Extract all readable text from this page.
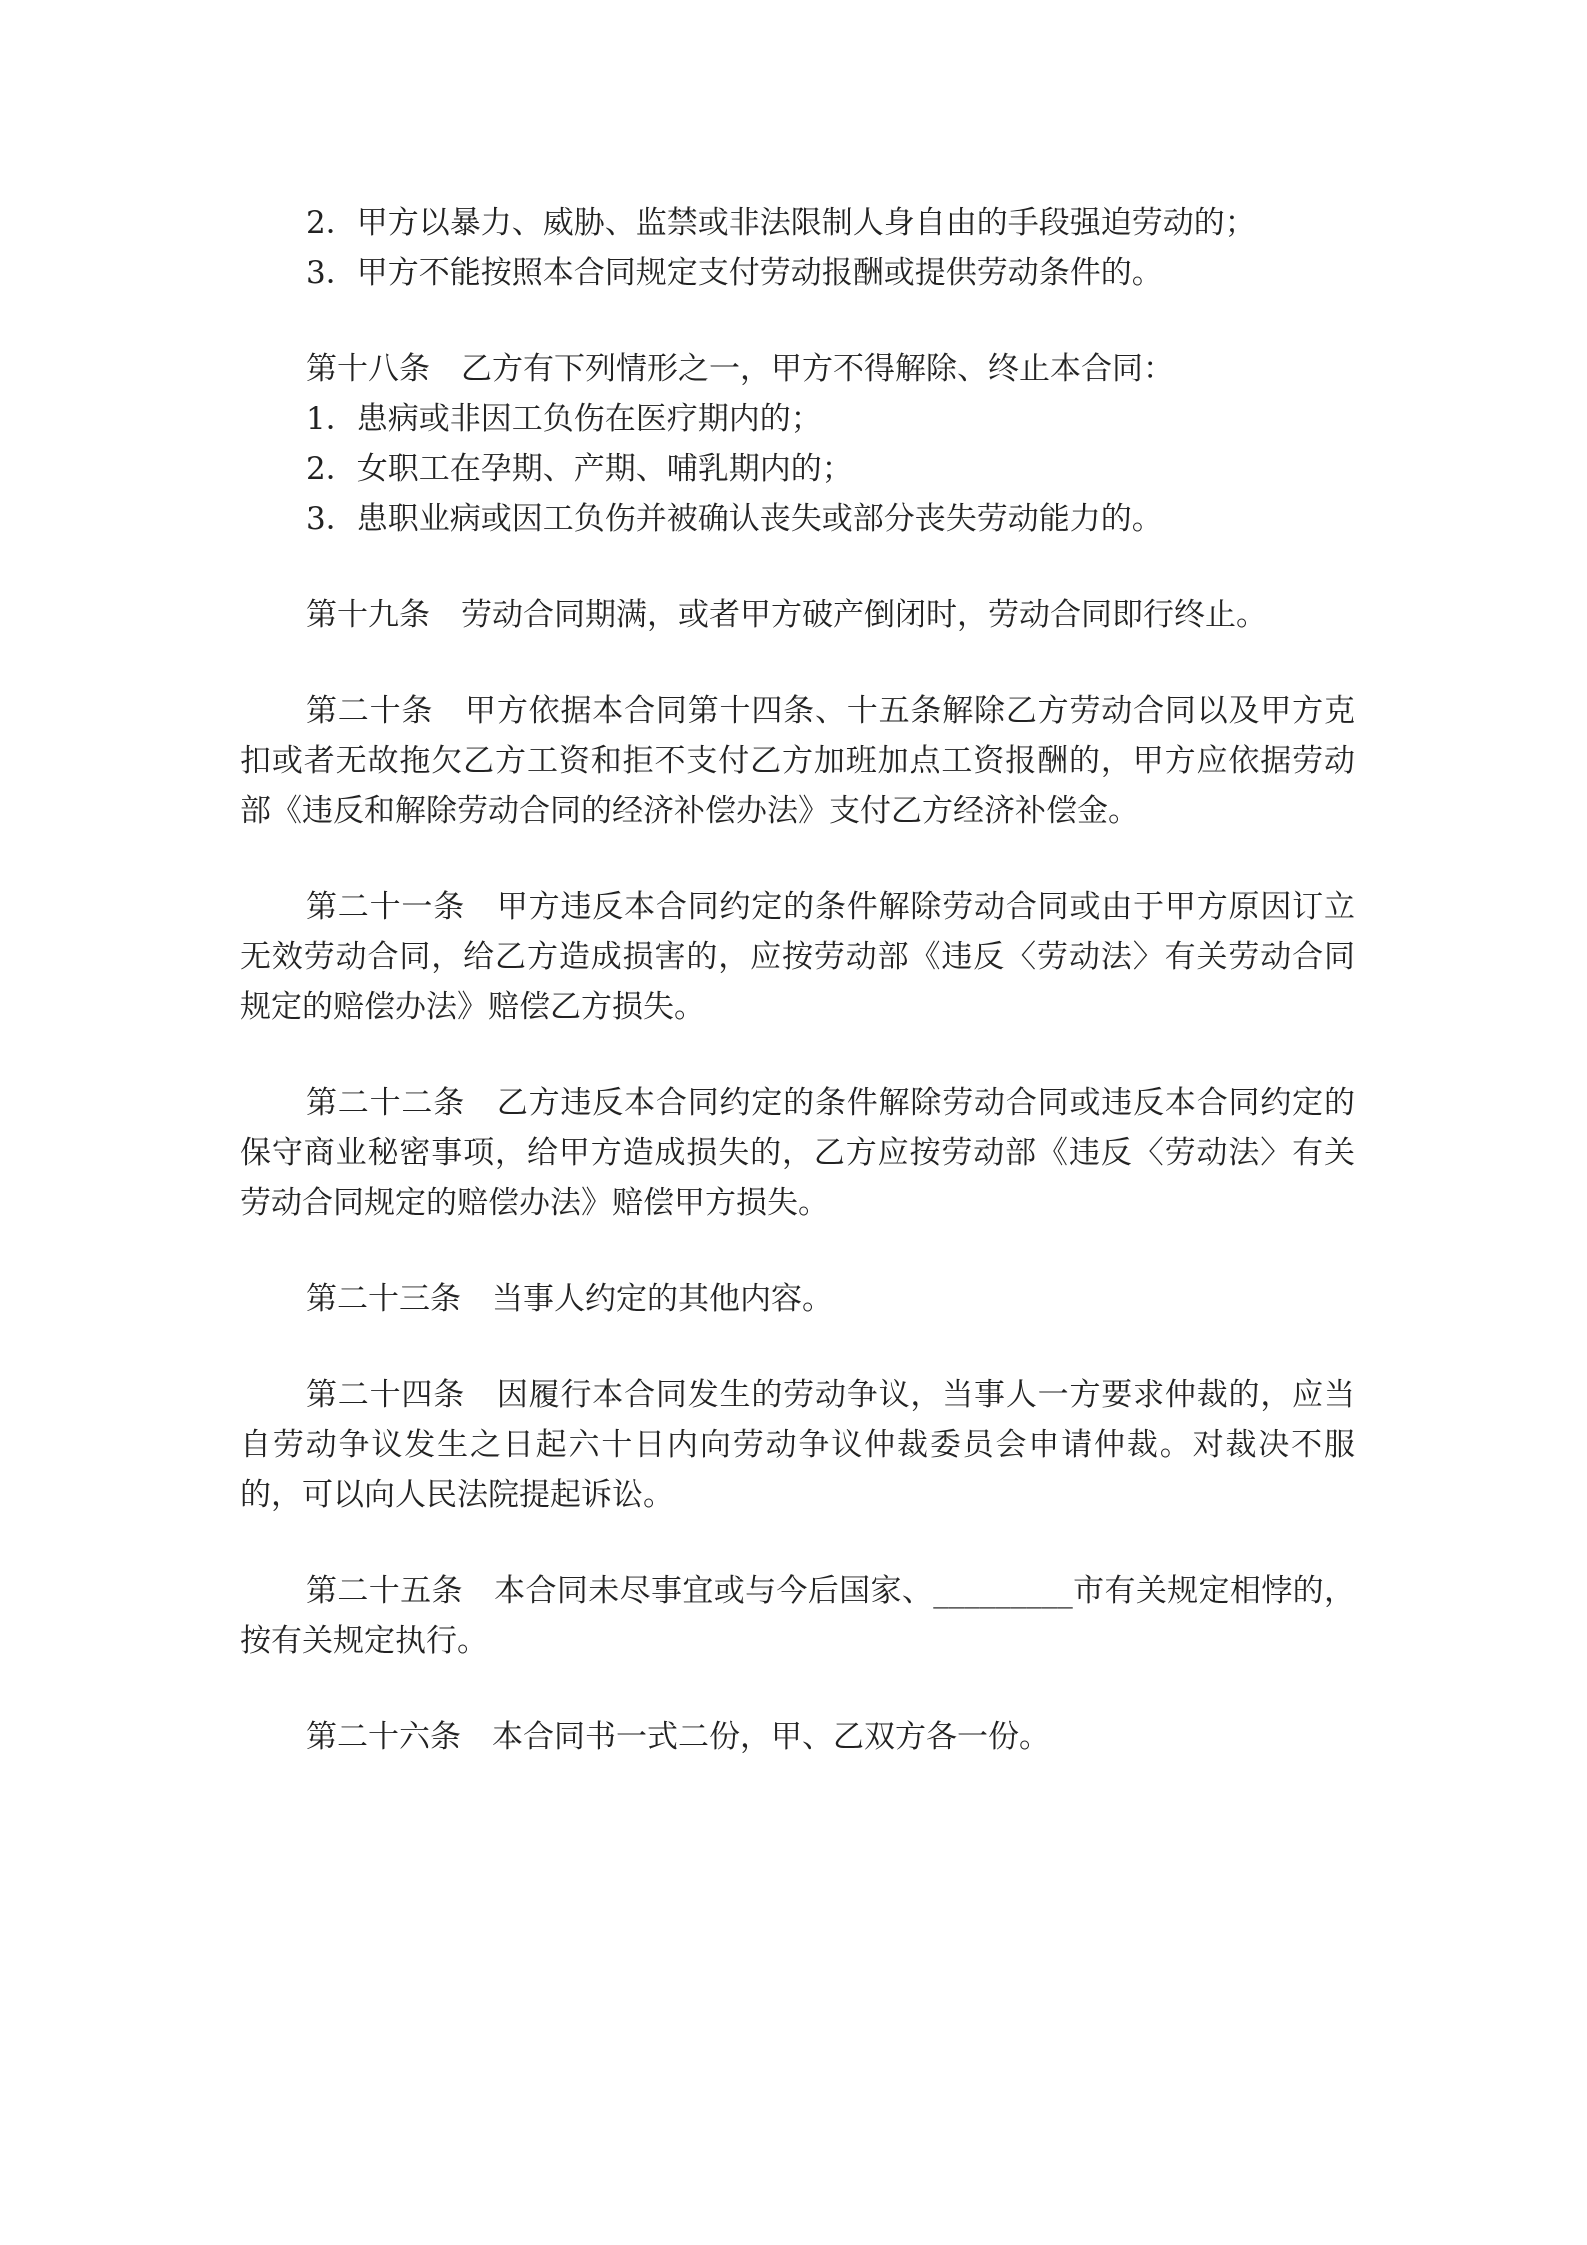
2．甲方以暴力、威胁、监禁或非法限制人身自由的手段强迫劳动的；

3．甲方不能按照本合同规定支付劳动报酬或提供劳动条件的。

第十八条　乙方有下列情形之一，甲方不得解除、终止本合同：

1．患病或非因工负伤在医疗期内的；

2．女职工在孕期、产期、哺乳期内的；

3．患职业病或因工负伤并被确认丧失或部分丧失劳动能力的。

第十九条　劳动合同期满，或者甲方破产倒闭时，劳动合同即行终止。

第二十条　甲方依据本合同第十四条、十五条解除乙方劳动合同以及甲方克扣或者无故拖欠乙方工资和拒不支付乙方加班加点工资报酬的，甲方应依据劳动部《违反和解除劳动合同的经济补偿办法》支付乙方经济补偿金。

第二十一条　甲方违反本合同约定的条件解除劳动合同或由于甲方原因订立无效劳动合同，给乙方造成损害的，应按劳动部《违反〈劳动法〉有关劳动合同规定的赔偿办法》赔偿乙方损失。

第二十二条　乙方违反本合同约定的条件解除劳动合同或违反本合同约定的保守商业秘密事项，给甲方造成损失的，乙方应按劳动部《违反〈劳动法〉有关劳动合同规定的赔偿办法》赔偿甲方损失。

第二十三条　当事人约定的其他内容。

第二十四条　因履行本合同发生的劳动争议，当事人一方要求仲裁的，应当自劳动争议发生之日起六十日内向劳动争议仲裁委员会申请仲裁。对裁决不服的，可以向人民法院提起诉讼。

第二十五条　本合同未尽事宜或与今后国家、_________市有关规定相悖的，按有关规定执行。

第二十六条　本合同书一式二份，甲、乙双方各一份。
